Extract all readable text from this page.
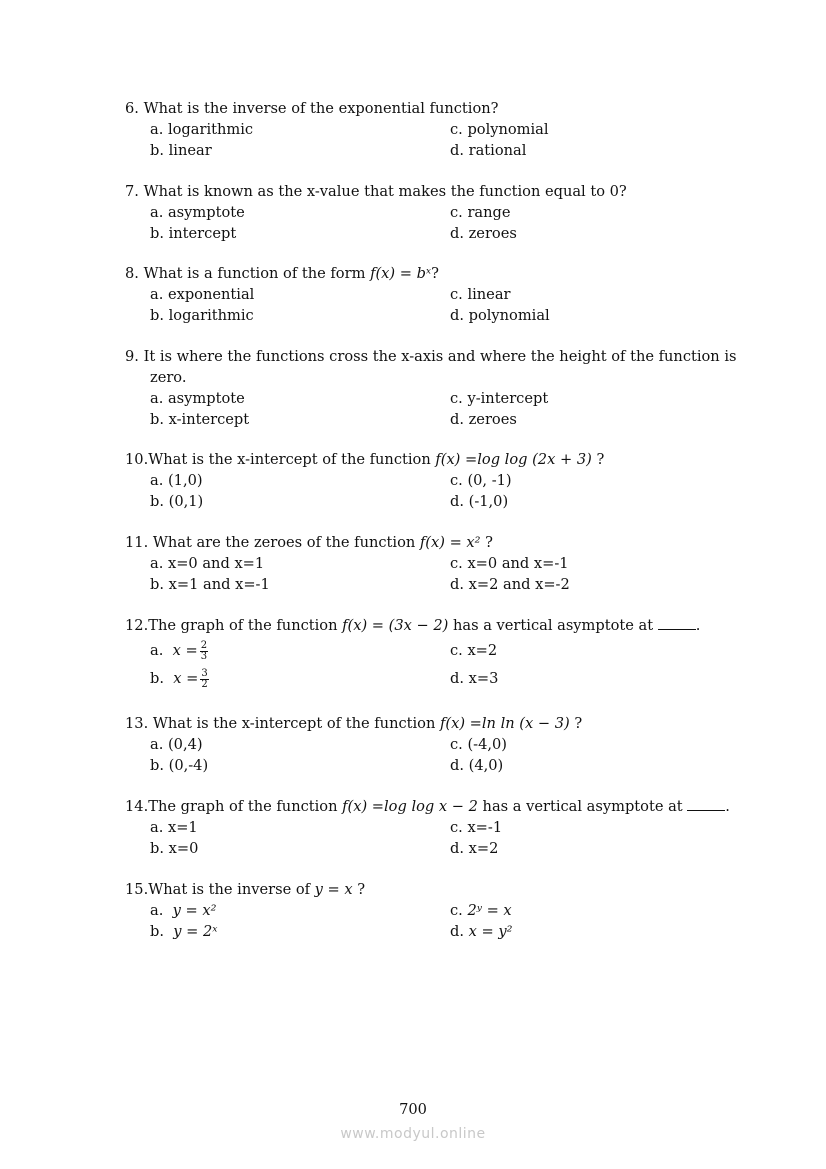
6. What is the inverse of the exponential function?
a. logarithmic	c. polynomial
b. linear	d. rational
7. What is known as the x-value that makes the function equal to 0?
a. asymptote	c. range
b. intercept	d. zeroes
8. What is a function of the form f(x) = bˣ?
a. exponential	c. linear
b. logarithmic	d. polynomial
9. It is where the functions cross the x-axis and where the height of the function is
zero.
a. asymptote	c. y-intercept
b. x-intercept	d. zeroes
10.What is the x-intercept of the function f(x) =log log (2x + 3) ?
a. (1,0)	c. (0, -1)
b. (0,1)	d. (-1,0)
11. What are the zeroes of the function f(x) = x² ?
a. x=0 and x=1	c. x=0 and x=-1
b. x=1 and x=-1	d. x=2 and x=-2
12.The graph of the function f(x) = (3x − 2) has a vertical asymptote at	.
a. $x = \frac{2}{3}$	c. x=2
b. $x = \frac{3}{2}$	d. x=3
13. What is the x-intercept of the function f(x) =ln ln (x − 3) ?
a. (0,4)	c. (-4,0)
b. (0,-4)	d. (4,0)
14.The graph of the function f(x) =log log x − 2 has a vertical asymptote at	.
a. x=1	c. x=-1
b. x=0	d. x=2
15.What is the inverse of y = x ?
a. y = x²	c. 2ʸ = x
b. y = 2ˣ	d. x = y²
700
www.modyul.online
